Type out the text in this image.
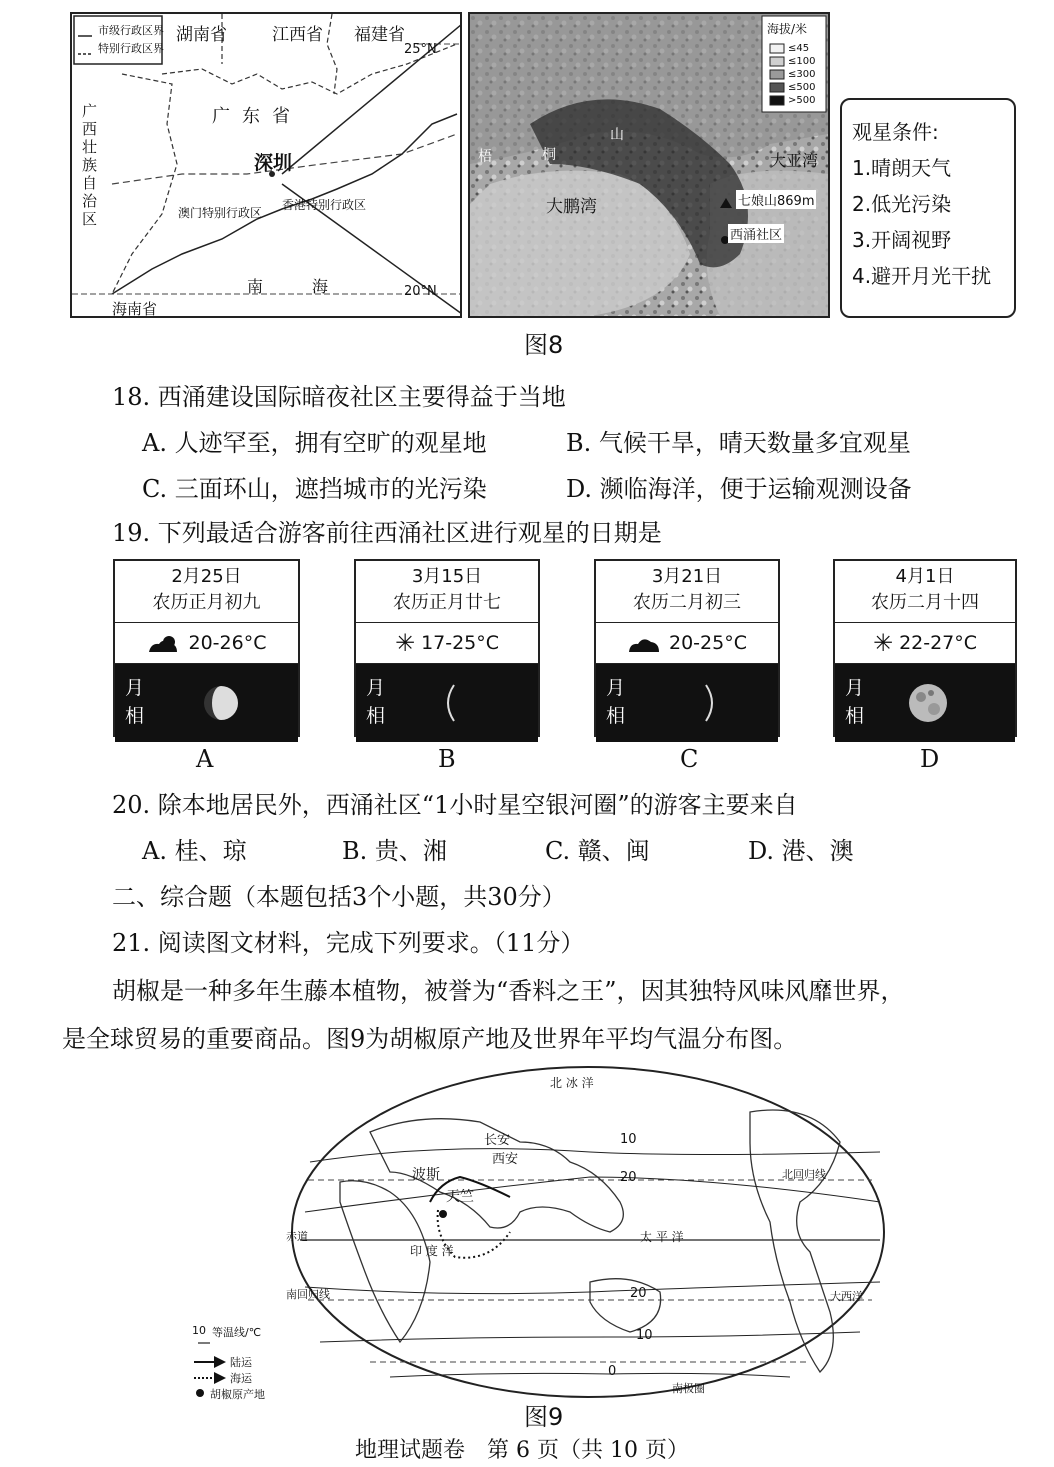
市级行政区界
特别行政区界
湖南省	江西省 福建省
25°N
广东省
广西壮族自治区
深圳
澳门特别行政区
香港特别行政区
南	海	20°N
海南省
海拔/米
≤45
≤100
≤300
≤500
>500
梧	桐
山
大亚湾
大鹏湾	七娘山869m
西涌社区
观星条件:
1.晴朗天气
2.低光污染
3.开阔视野
4.避开月光干扰
图8
18. 西涌建设国际暗夜社区主要得益于当地
A. 人迹罕至，拥有空旷的观星地	B. 气候干旱，晴天数量多宜观星
C. 三面环山，遮挡城市的光污染	D. 濒临海洋，便于运输观测设备
19. 下列最适合游客前往西涌社区进行观星的日期是
2月25日
农历正月初九
20-26°C
月相
A
3月15日
农历正月廿七
✳ 17-25°C
月相
B
3月21日
农历二月初三
20-25°C
月相
C
4月1日
农历二月十四
✳ 22-27°C
月相
D
20. 除本地居民外，西涌社区“1小时星空银河圈”的游客主要来自
A. 桂、琼	B. 贵、湘	C. 赣、闽	D. 港、澳
二、综合题（本题包括3个小题，共30分）
21. 阅读图文材料，完成下列要求。（11分）
胡椒是一种多年生藤本植物，被誉为“香料之王”，因其独特风味风靡世界，
是全球贸易的重要商品。图9为胡椒原产地及世界年平均气温分布图。
长安
西安
波斯
天竺
10
20
20
10
0
北回归线
南回归线
赤道
南极圈
印 度 洋
太 平 洋
北 冰 洋
大西洋
10 等温线/℃
陆运
海运
胡椒原产地
图9
地理试题卷　第 6 页（共 10 页）
